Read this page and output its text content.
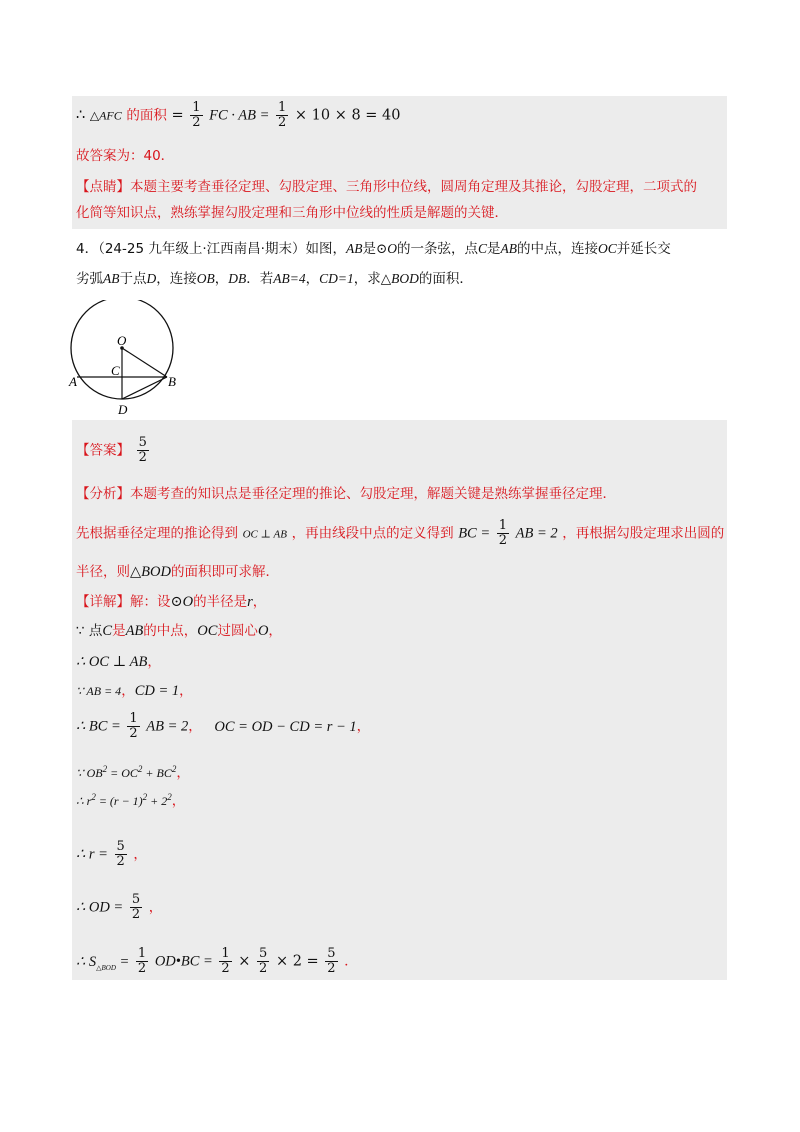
∴ △AFC 的面积 = $\frac{1}{2}$ FC · AB = $\frac{1}{2} \times 10 \times 8 = 40$
故答案为：40．
【点睛】本题主要考查垂径定理、勾股定理、三角形中位线，圆周角定理及其推论，勾股定理，二项式的
化简等知识点，熟练掌握勾股定理和三角形中位线的性质是解题的关键．
4．（24-25 九年级上·江西南昌·期末）如图，AB是⊙O的一条弦，点C是AB的中点，连接OC并延长交
劣弧AB于点D，连接OB，DB．若AB=4，CD=1，求△BOD的面积．
O
C
A	B
D
【答案】 $\frac{5}{2}$
【分析】本题考查的知识点是垂径定理的推论、勾股定理，解题关键是熟练掌握垂径定理．
先根据垂径定理的推论得到 OC ⊥ AB ，再由线段中点的定义得到 BC = $\frac{1}{2}$ AB = 2 ，再根据勾股定理求出圆的
半径，则△BOD的面积即可求解．
【详解】解：设⊙O的半径是r，
∵ 点C是AB的中点，OC过圆心O，
∴ OC ⊥ AB，
∵ AB = 4，CD = 1，
∴ BC = $\frac{1}{2}$ AB = 2， OC = OD − CD = r − 1，
∵ $OB^2 = OC^2 + BC^2$，
∴ $r^2 = (r - 1)^2 + 2^2$，
∴ $r = \frac{5}{2}$ ，
∴ OD = $\frac{5}{2}$ ，
∴ $S_{\triangle BOD} = \frac{1}{2}$ OD•BC = $\frac{1}{2} \times \frac{5}{2} \times 2 = \frac{5}{2}$ ．
